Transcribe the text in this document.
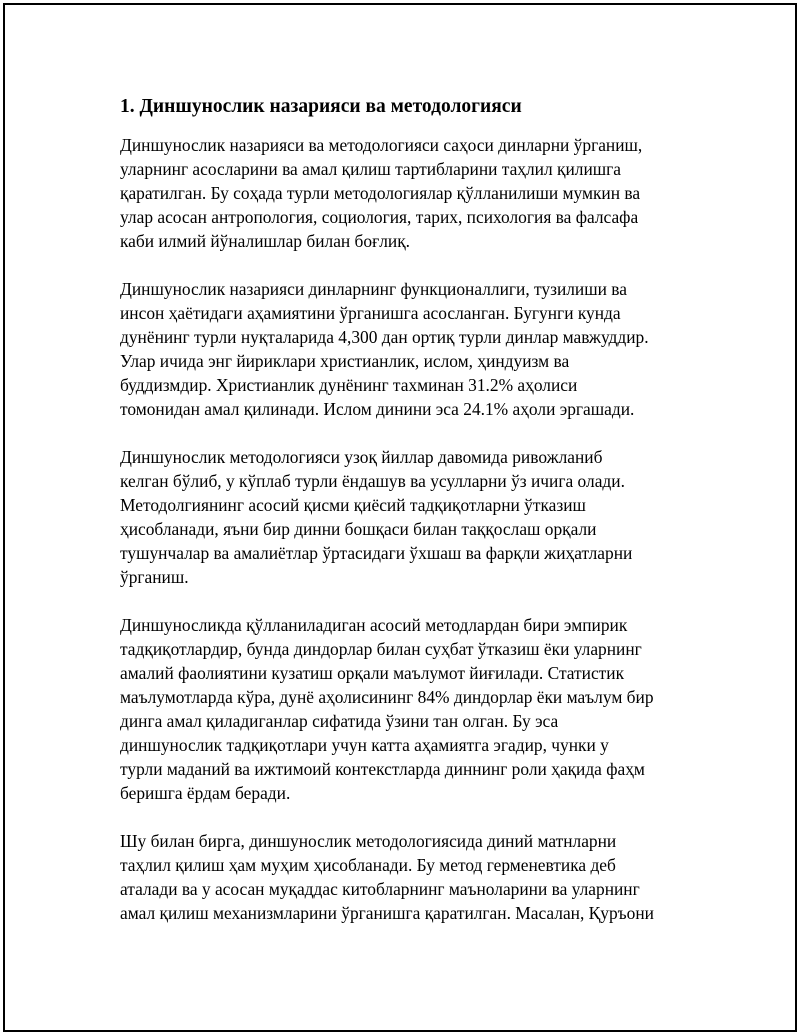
1. Диншунослик назарияси ва методологияси
Диншунослик назарияси ва методологияси саҳоси динларни ўрганиш,
уларнинг асосларини ва амал қилиш тартибларини таҳлил қилишга
қаратилган. Бу соҳада турли методологиялар қўлланилиши мумкин ва
улар асосан антропология, социология, тарих, психология ва фалсафа
каби илмий йўналишлар билан боғлиқ.
Диншунослик назарияси динларнинг функционаллиги, тузилиши ва
инсон ҳаётидаги аҳамиятини ўрганишга асосланган. Бугунги кунда
дунёнинг турли нуқталарида 4,300 дан ортиқ турли динлар мавжуддир.
Улар ичида энг йириклари христианлик, ислом, ҳиндуизм ва
буддизмдир. Христианлик дунёнинг тахминан 31.2% аҳолиси
томонидан амал қилинади. Ислом динини эса 24.1% аҳоли эргашади.
Диншунослик методологияси узоқ йиллар давомида ривожланиб
келган бўлиб, у кўплаб турли ёндашув ва усулларни ўз ичига олади.
Методолгиянинг асосий қисми қиёсий тадқиқотларни ўтказиш
ҳисобланади, яъни бир динни бошқаси билан таққослаш орқали
тушунчалар ва амалиётлар ўртасидаги ўхшаш ва фарқли жиҳатларни
ўрганиш.
Диншуносликда қўлланиладиган асосий методлардан бири эмпирик
тадқиқотлардир, бунда диндорлар билан суҳбат ўтказиш ёки уларнинг
амалий фаолиятини кузатиш орқали маълумот йиғилади. Статистик
маълумотларда кўра, дунё аҳолисининг 84% диндорлар ёки маълум бир
динга амал қиладиганлар сифатида ўзини тан олган. Бу эса
диншунослик тадқиқотлари учун катта аҳамиятга эгадир, чунки у
турли маданий ва ижтимоий контекстларда диннинг роли ҳақида фаҳм
беришга ёрдам беради.
Шу билан бирга, диншунослик методологиясида диний матнларни
таҳлил қилиш ҳам муҳим ҳисобланади. Бу метод герменевтика деб
аталади ва у асосан муқаддас китобларнинг маъноларини ва уларнинг
амал қилиш механизмларини ўрганишга қаратилган. Масалан, Қуръони
